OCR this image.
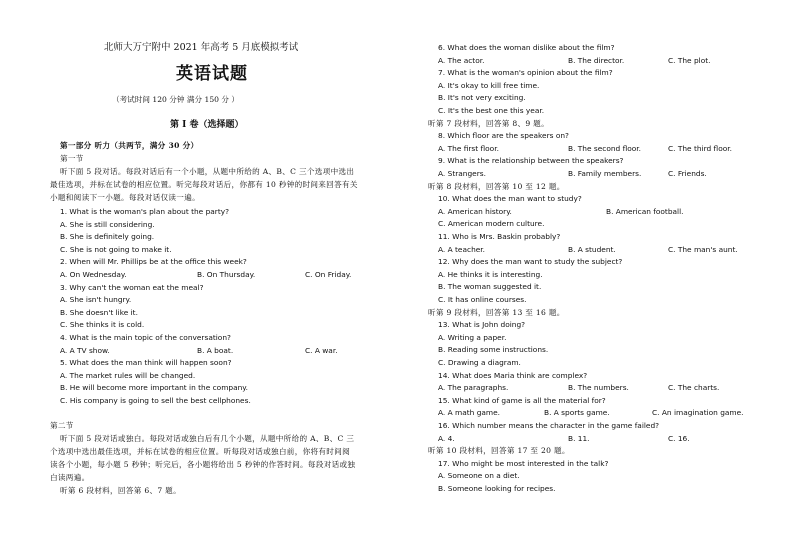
北师大万宁附中 2021 年高考 5 月底模拟考试
英语试题
（考试时间 120 分钟 满分 150 分 ）
第 I 卷（选择题）
第一部分 听力（共两节，满分 30 分）
第一节
听下面 5 段对话。每段对话后有一个小题，从题中所给的 A、B、C 三个选项中选出
最佳选项，并标在试卷的相应位置。听完每段对话后，你都有 10 秒钟的时间来回答有关
小题和阅读下一小题。每段对话仅读一遍。
1. What is the woman's plan about the party?
A. She is still considering.
B. She is definitely going.
C. She is not going to make it.
2. When will Mr. Phillips be at the office this week?
A. On Wednesday.	B. On Thursday.	C. On Friday.
3. Why can't the woman eat the meal?
A. She isn't hungry.
B. She doesn't like it.
C. She thinks it is cold.
4. What is the main topic of the conversation?
A. A TV show.	B. A boat.	C. A war.
5. What does the man think will happen soon?
A. The market rules will be changed.
B. He will become more important in the company.
C. His company is going to sell the best cellphones.
第二节
听下面 5 段对话或独白。每段对话或独白后有几个小题，从题中所给的 A、B、C 三
个选项中选出最佳选项，并标在试卷的相应位置。听每段对话或独白前，你将有时间阅
读各个小题，每小题 5 秒钟；听完后，各小题将给出 5 秒钟的作答时间。每段对话或独
白读两遍。
听第 6 段材料，回答第 6、7 题。
6. What does the woman dislike about the film?
A. The actor.	B. The director.	C. The plot.
7. What is the woman's opinion about the film?
A. It's okay to kill free time.
B. It's not very exciting.
C. It's the best one this year.
听第 7 段材料，回答第 8、9 题。
8. Which floor are the speakers on?
A. The first floor.	B. The second floor.	C. The third floor.
9. What is the relationship between the speakers?
A. Strangers.	B. Family members.	C. Friends.
听第 8 段材料，回答第 10 至 12 题。
10. What does the man want to study?
A. American history.	B. American football.
C. American modern culture.
11. Who is Mrs. Baskin probably?
A. A teacher.	B. A student.	C. The man's aunt.
12. Why does the man want to study the subject?
A. He thinks it is interesting.
B. The woman suggested it.
C. It has online courses.
听第 9 段材料，回答第 13 至 16 题。
13. What is John doing?
A. Writing a paper.
B. Reading some instructions.
C. Drawing a diagram.
14. What does Maria think are complex?
A. The paragraphs.	B. The numbers.	C. The charts.
15. What kind of game is all the material for?
A. A math game.	B. A sports game.	C. An imagination game.
16. Which number means the character in the game failed?
A. 4.	B. 11.	C. 16.
听第 10 段材料，回答第 17 至 20 题。
17. Who might be most interested in the talk?
A. Someone on a diet.
B. Someone looking for recipes.
